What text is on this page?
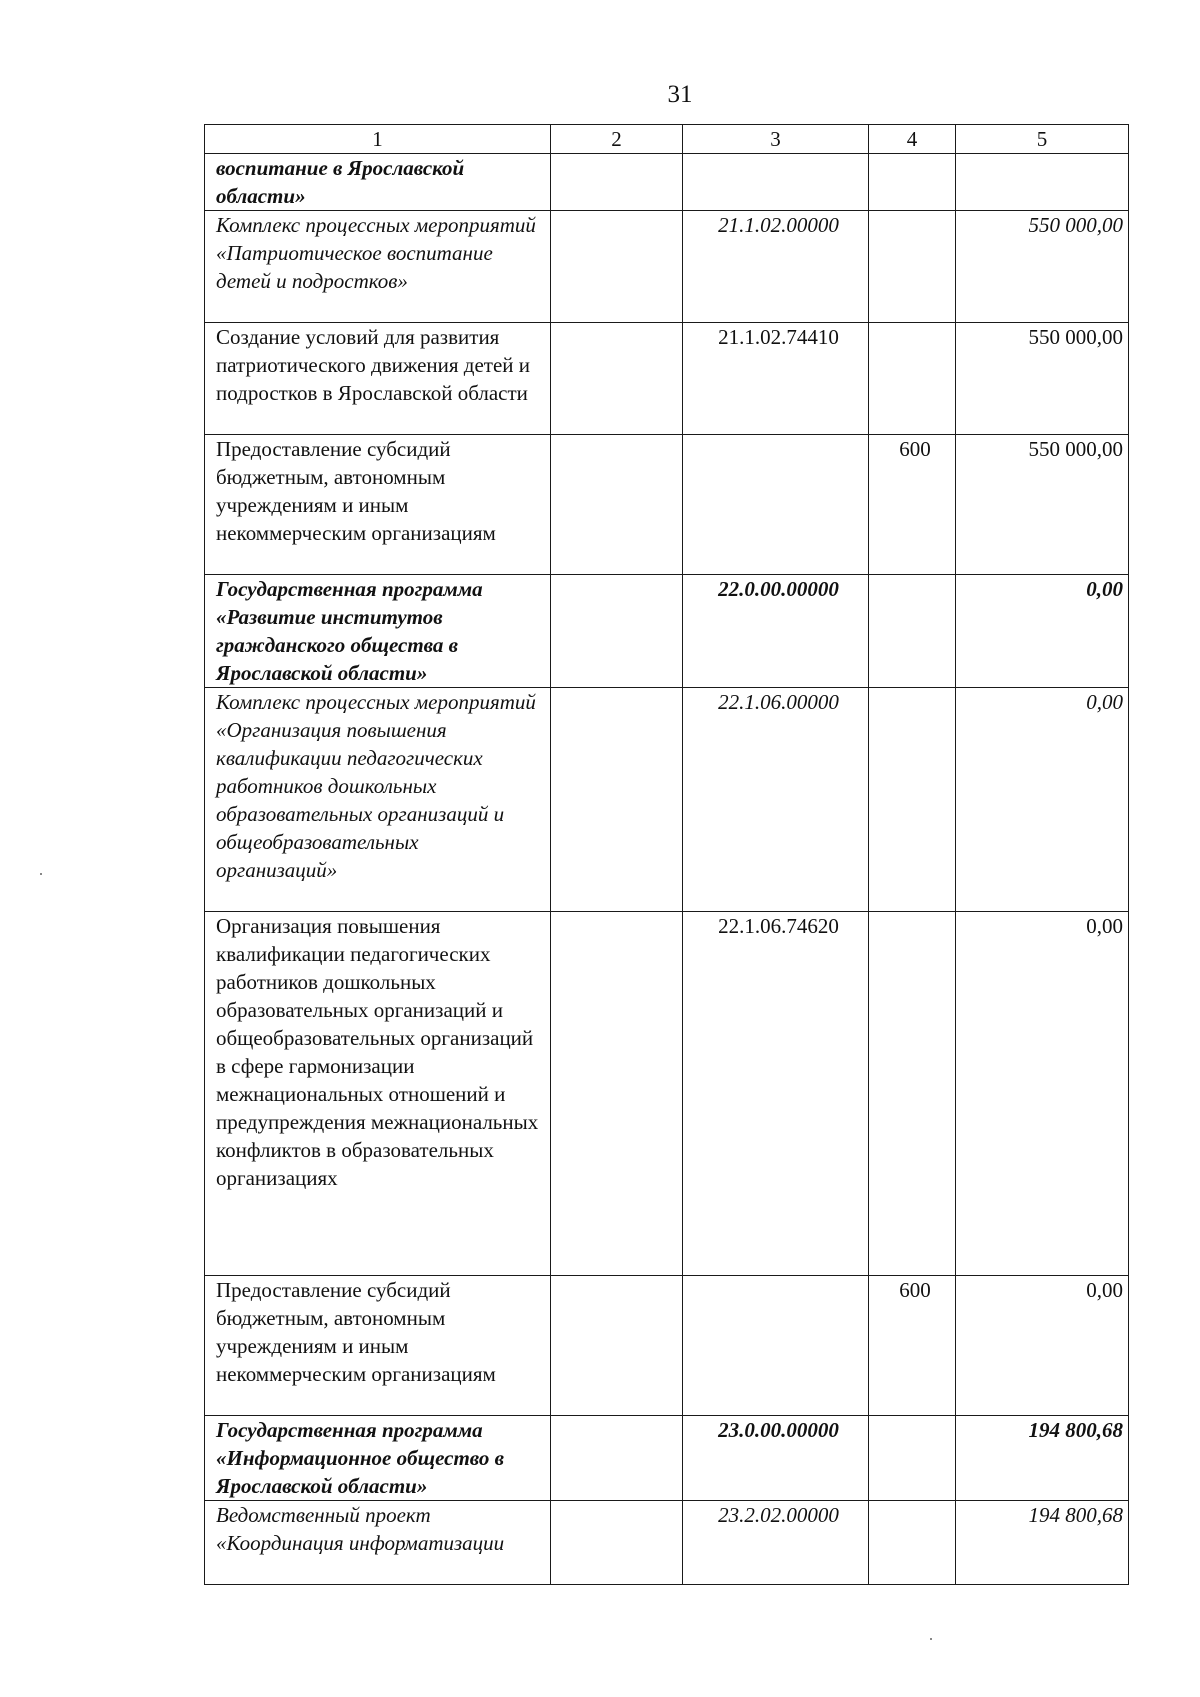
31
1	2	3	4	5
воспитание в Ярославской области»				
Комплекс процессных мероприятий «Патриотическое воспитание детей и подростков»		21.1.02.00000		550 000,00
Создание условий для развития патриотического движения детей и подростков в Ярославской области		21.1.02.74410		550 000,00
Предоставление субсидий бюджетным, автономным учреждениям и иным некоммерческим организациям			600	550 000,00
Государственная программа «Развитие институтов гражданского общества в Ярославской области»		22.0.00.00000		0,00
Комплекс процессных мероприятий «Организация повышения квалификации педагогических работников дошкольных образовательных организаций и общеобразовательных организаций»		22.1.06.00000		0,00
Организация повышения квалификации педагогических работников дошкольных образовательных организаций и общеобразовательных организаций в сфере гармонизации межнациональных отношений и предупреждения межнациональных конфликтов в образовательных организациях		22.1.06.74620		0,00
Предоставление субсидий бюджетным, автономным учреждениям и иным некоммерческим организациям			600	0,00
Государственная программа «Информационное общество в Ярославской области»		23.0.00.00000		194 800,68
Ведомственный проект «Координация информатизации		23.2.02.00000		194 800,68
